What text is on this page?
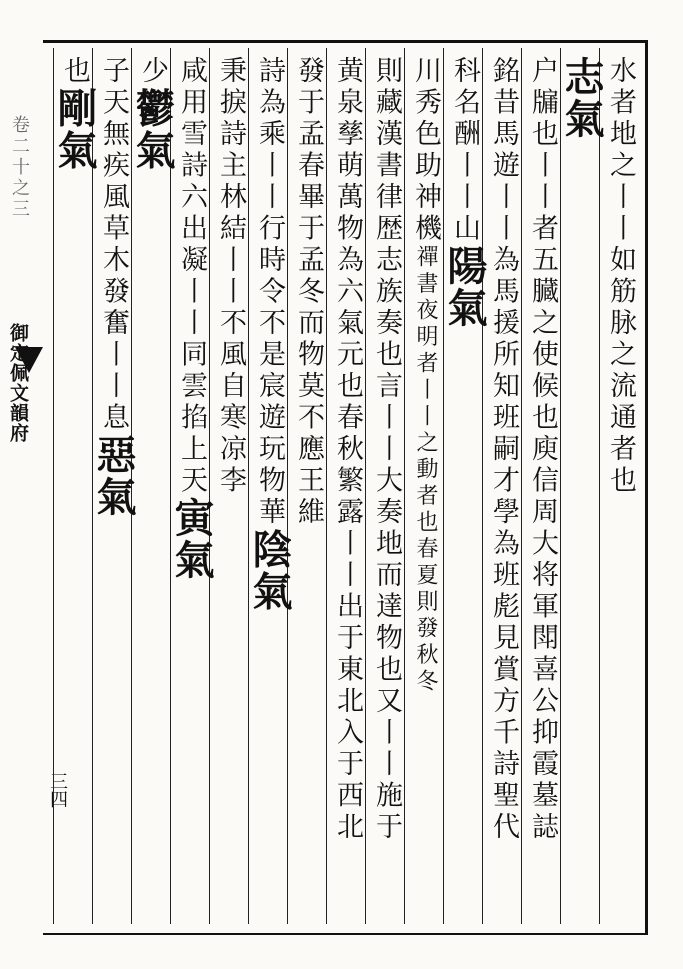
卷二十之三
御定佩文韻府
三四
水者地之丨丨如筋脉之流通者也
志氣
户牖也丨丨者五臓之使候也庾信周大将軍閗喜公抑霞墓誌
銘昔馬遊丨丨為馬援所知班嗣才學為班彪見賞方千詩聖代
科名酬丨丨山陽氣
川秀色助神機禪書夜明者丨丨之動者也春夏則發秋冬
則藏漢書律歴志族奏也言丨丨大奏地而達物也又丨丨施于
黄泉孳萌萬物為六氣元也春秋繁露丨丨出于東北入于西北
發于孟春畢于孟冬而物莫不應王維
詩為乘丨丨行時令不是宸遊玩物華陰氣
秉捩詩主林結丨丨不風自寒凉李
咸用雪詩六出凝丨丨同雲掐上天寅氣
少鬱氣
子天無疾風草木發奮丨丨息惡氣
也剛氣
